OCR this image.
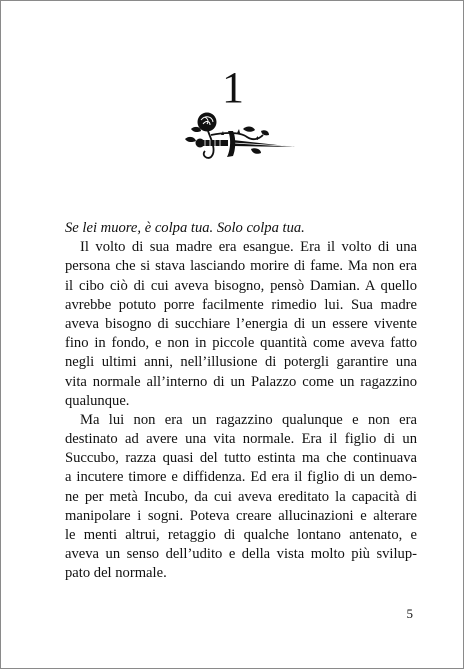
1
Se lei muore, è colpa tua. Solo colpa tua.
Il volto di sua madre era esangue. Era il volto di una
persona che si stava lasciando morire di fame. Ma non era
il cibo ciò di cui aveva bisogno, pensò Damian. A quello
avrebbe potuto porre facilmente rimedio lui. Sua madre
aveva bisogno di succhiare l’energia di un essere vivente
fino in fondo, e non in piccole quantità come aveva fatto
negli ultimi anni, nell’illusione di potergli garantire una
vita normale all’interno di un Palazzo come un ragazzino
qualunque.
Ma lui non era un ragazzino qualunque e non era
destinato ad avere una vita normale. Era il figlio di un
Succubo, razza quasi del tutto estinta ma che continuava
a incutere timore e diffidenza. Ed era il figlio di un demo-
ne per metà Incubo, da cui aveva ereditato la capacità di
manipolare i sogni. Poteva creare allucinazioni e alterare
le menti altrui, retaggio di qualche lontano antenato, e
aveva un senso dell’udito e della vista molto più svilup-
pato del normale.
5
